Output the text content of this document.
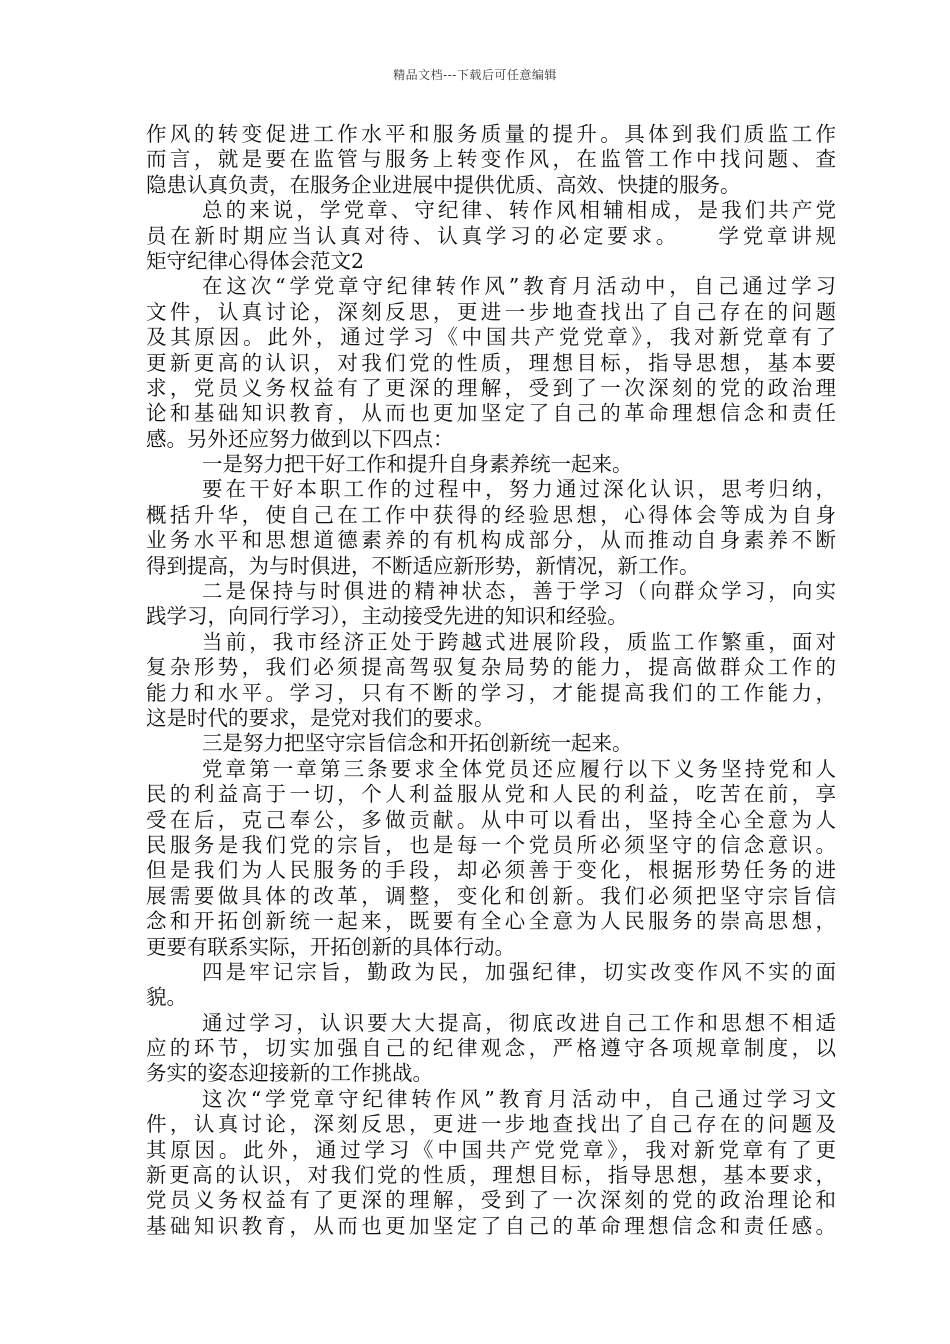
精品文档---下载后可任意编辑
作风的转变促进工作水平和服务质量的提升。具体到我们质监工作
而言，就是要在监管与服务上转变作风，在监管工作中找问题、查
隐患认真负责，在服务企业进展中提供优质、高效、快捷的服务。
总的来说，学党章、守纪律、转作风相辅相成，是我们共产党
员在新时期应当认真对待、认真学习的必定要求。　　学党章讲规
矩守纪律心得体会范文2
在这次“学党章守纪律转作风”教育月活动中，自己通过学习
文件，认真讨论，深刻反思，更进一步地查找出了自己存在的问题
及其原因。此外，通过学习《中国共产党党章》，我对新党章有了
更新更高的认识，对我们党的性质，理想目标，指导思想，基本要
求，党员义务权益有了更深的理解，受到了一次深刻的党的政治理
论和基础知识教育，从而也更加坚定了自己的革命理想信念和责任
感。另外还应努力做到以下四点：
一是努力把干好工作和提升自身素养统一起来。
要在干好本职工作的过程中，努力通过深化认识，思考归纳，
概括升华，使自己在工作中获得的经验思想，心得体会等成为自身
业务水平和思想道德素养的有机构成部分，从而推动自身素养不断
得到提高，为与时俱进，不断适应新形势，新情况，新工作。
二是保持与时俱进的精神状态，善于学习（向群众学习，向实
践学习，向同行学习），主动接受先进的知识和经验。
当前，我市经济正处于跨越式进展阶段，质监工作繁重，面对
复杂形势，我们必须提高驾驭复杂局势的能力，提高做群众工作的
能力和水平。学习，只有不断的学习，才能提高我们的工作能力，
这是时代的要求，是党对我们的要求。
三是努力把坚守宗旨信念和开拓创新统一起来。
党章第一章第三条要求全体党员还应履行以下义务坚持党和人
民的利益高于一切，个人利益服从党和人民的利益，吃苦在前，享
受在后，克己奉公，多做贡献。从中可以看出，坚持全心全意为人
民服务是我们党的宗旨，也是每一个党员所必须坚守的信念意识。
但是我们为人民服务的手段，却必须善于变化，根据形势任务的进
展需要做具体的改革，调整，变化和创新。我们必须把坚守宗旨信
念和开拓创新统一起来，既要有全心全意为人民服务的崇高思想，
更要有联系实际，开拓创新的具体行动。
四是牢记宗旨，勤政为民，加强纪律，切实改变作风不实的面
貌。
通过学习，认识要大大提高，彻底改进自己工作和思想不相适
应的环节，切实加强自己的纪律观念，严格遵守各项规章制度，以
务实的姿态迎接新的工作挑战。
这次“学党章守纪律转作风”教育月活动中，自己通过学习文
件，认真讨论，深刻反思，更进一步地查找出了自己存在的问题及
其原因。此外，通过学习《中国共产党党章》，我对新党章有了更
新更高的认识，对我们党的性质，理想目标，指导思想，基本要求，
党员义务权益有了更深的理解，受到了一次深刻的党的政治理论和
基础知识教育，从而也更加坚定了自己的革命理想信念和责任感。
